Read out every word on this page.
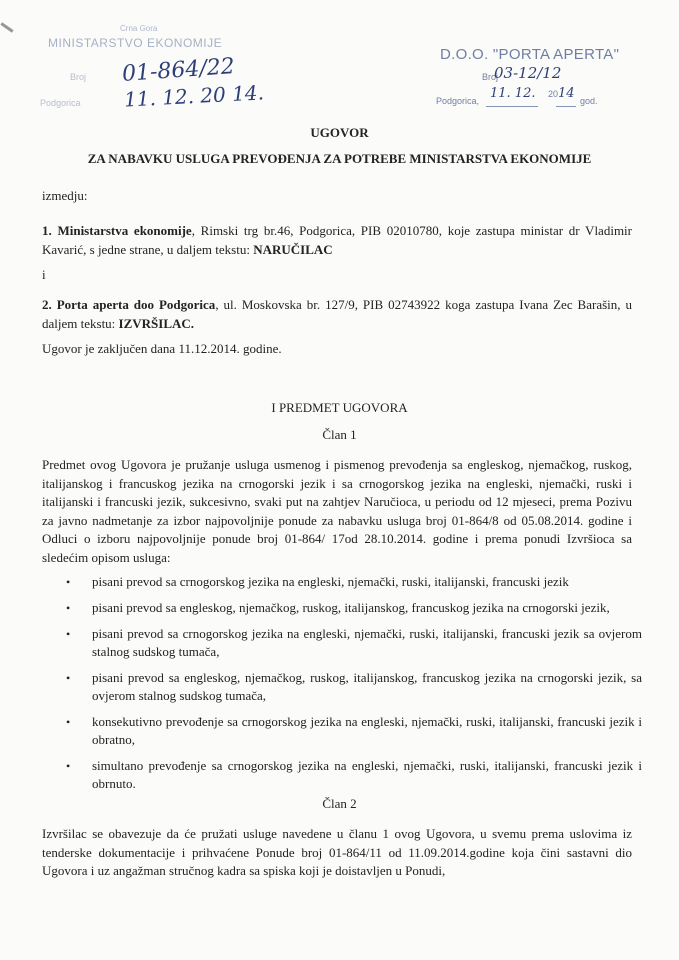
Crna Gora
MINISTARSTVO EKONOMIJE
Broj 01-864/22
Podgorica 11. 12. 20 14.
D.O.O. "PORTA APERTA"
Broj
03-12/12
Podgorica, 11. 12. 2014 god.
UGOVOR
ZA NABAVKU USLUGA PREVOĐENJA ZA POTREBE MINISTARSTVA EKONOMIJE
izmedju:
1. Ministarstva ekonomije, Rimski trg br.46, Podgorica, PIB 02010780, koje zastupa ministar dr Vladimir Kavarić, s jedne strane, u daljem tekstu: NARUČILAC
i
2. Porta aperta doo Podgorica, ul. Moskovska br. 127/9, PIB 02743922 koga zastupa Ivana Zec Barašin, u daljem tekstu: IZVRŠILAC.
Ugovor je zaključen dana 11.12.2014. godine.
I PREDMET UGOVORA
Član 1
Predmet ovog Ugovora je pružanje usluga usmenog i pismenog prevođenja sa engleskog, njemačkog, ruskog, italijanskog i francuskog jezika na crnogorski jezik i sa crnogorskog jezika na engleski, njemački, ruski i italijanski i francuski jezik, sukcesivno, svaki put na zahtjev Naručioca, u periodu od 12 mjeseci, prema Pozivu za javno nadmetanje za izbor najpovoljnije ponude za nabavku usluga broj 01-864/8 od 05.08.2014. godine i Odluci o izboru najpovoljnije ponude broj 01-864/ 17od 28.10.2014. godine i prema ponudi Izvršioca sa sledećim opisom usluga:
• pisani prevod sa crnogorskog jezika na engleski, njemački, ruski, italijanski, francuski jezik
• pisani prevod sa engleskog, njemačkog, ruskog, italijanskog, francuskog jezika na crnogorski jezik,
• pisani prevod sa crnogorskog jezika na engleski, njemački, ruski, italijanski, francuski jezik sa ovjerom stalnog sudskog tumača,
• pisani prevod sa engleskog, njemačkog, ruskog, italijanskog, francuskog jezika na crnogorski jezik, sa ovjerom stalnog sudskog tumača,
• konsekutivno prevođenje sa crnogorskog jezika na engleski, njemački, ruski, italijanski, francuski jezik i obratno,
• simultano prevođenje sa crnogorskog jezika na engleski, njemački, ruski, italijanski, francuski jezik i obrnuto.
Član 2
Izvršilac se obavezuje da će pružati usluge navedene u članu 1 ovog Ugovora, u svemu prema uslovima iz tenderske dokumentacije i prihvaćene Ponude broj 01-864/11 od 11.09.2014.godine koja čini sastavni dio Ugovora i uz angažman stručnog kadra sa spiska koji je doistavljen u Ponudi,
